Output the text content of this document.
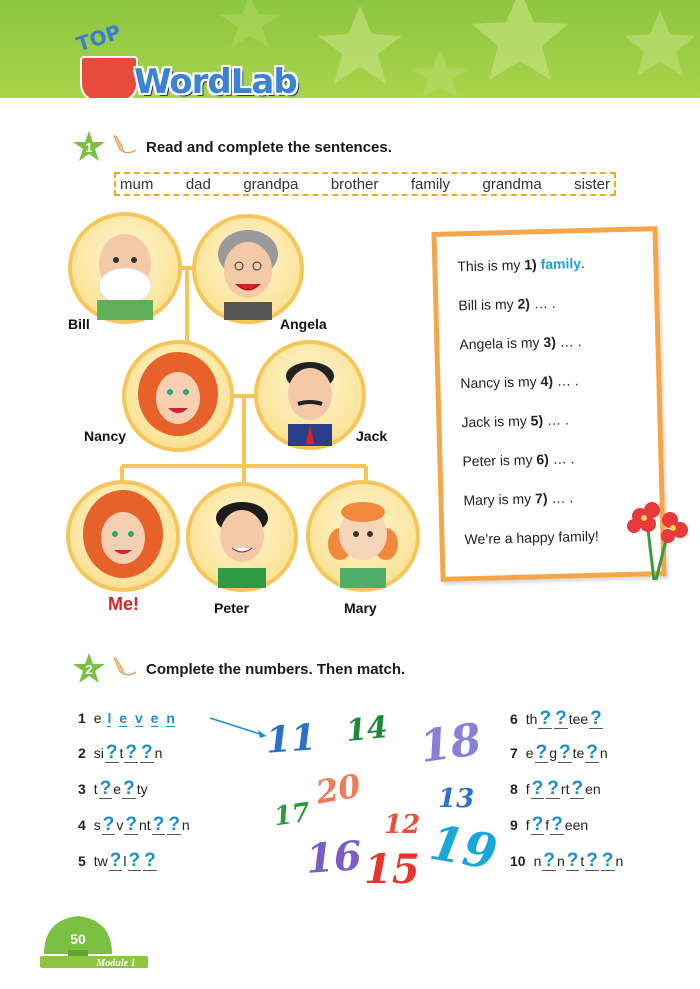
TOP
WordLab
1	Read and complete the sentences.
mum dad grandpa brother family grandma sister
Bill	Angela
Nancy	Jack
Me!	Peter	Mary
This is my 1) family.
Bill is my 2) … .
Angela is my 3) … .
Nancy is my 4) … .
Jack is my 5) … .
Peter is my 6) … .
Mary is my 7) … .
We’re a happy family!
2	Complete the numbers. Then match.
1 e l e v e n
2 si ? t ? ? n
3 t ? e ? ty
4 s ? v ? nt ? ? n
5 tw ? l ? ?
6 th ? ? tee ?
7 e ? g ? te ? n
8 f ? ? rt ? en
9 f ? f ? een
10 n ? n ? t ? ? n
11 14 18
20	13
17	12
16 15 19
50
Module 1
